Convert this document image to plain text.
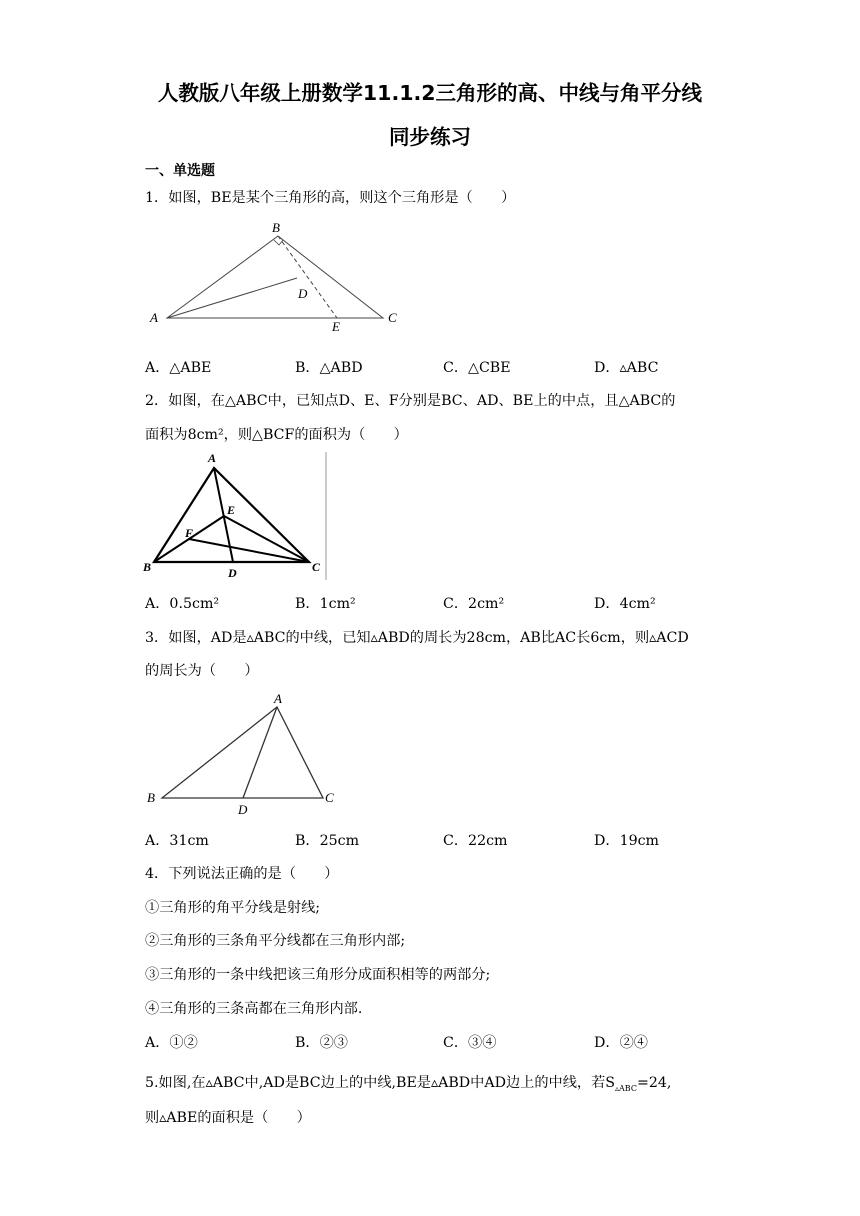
人教版八年级上册数学11.1.2三角形的高、中线与角平分线
同步练习
一、单选题
1．如图，BE是某个三角形的高，则这个三角形是（　　）
A
B
C
D
E
A．△ABE	B．△ABD	C．△CBE	D．▵ABC
2．如图，在△ABC中，已知点D、E、F分别是BC、AD、BE上的中点，且△ABC的
面积为8cm²，则△BCF的面积为（　　）
A
B	C
D
E
F
A．0.5cm²	B．1cm²	C．2cm²	D．4cm²
3．如图，AD是▵ABC的中线，已知▵ABD的周长为28cm，AB比AC长6cm，则▵ACD
的周长为（　　）
A
B	C
D
A．31cm	B．25cm	C．22cm	D．19cm
4．下列说法正确的是（　　）
①三角形的角平分线是射线;
②三角形的三条角平分线都在三角形内部;
③三角形的一条中线把该三角形分成面积相等的两部分;
④三角形的三条高都在三角形内部.
A．①②	B．②③	C．③④	D．②④
5.如图,在▵ABC中,AD是BC边上的中线,BE是▵ABD中AD边上的中线，若$S_{▵ABC}=24$,
则▵ABE的面积是（　　）
